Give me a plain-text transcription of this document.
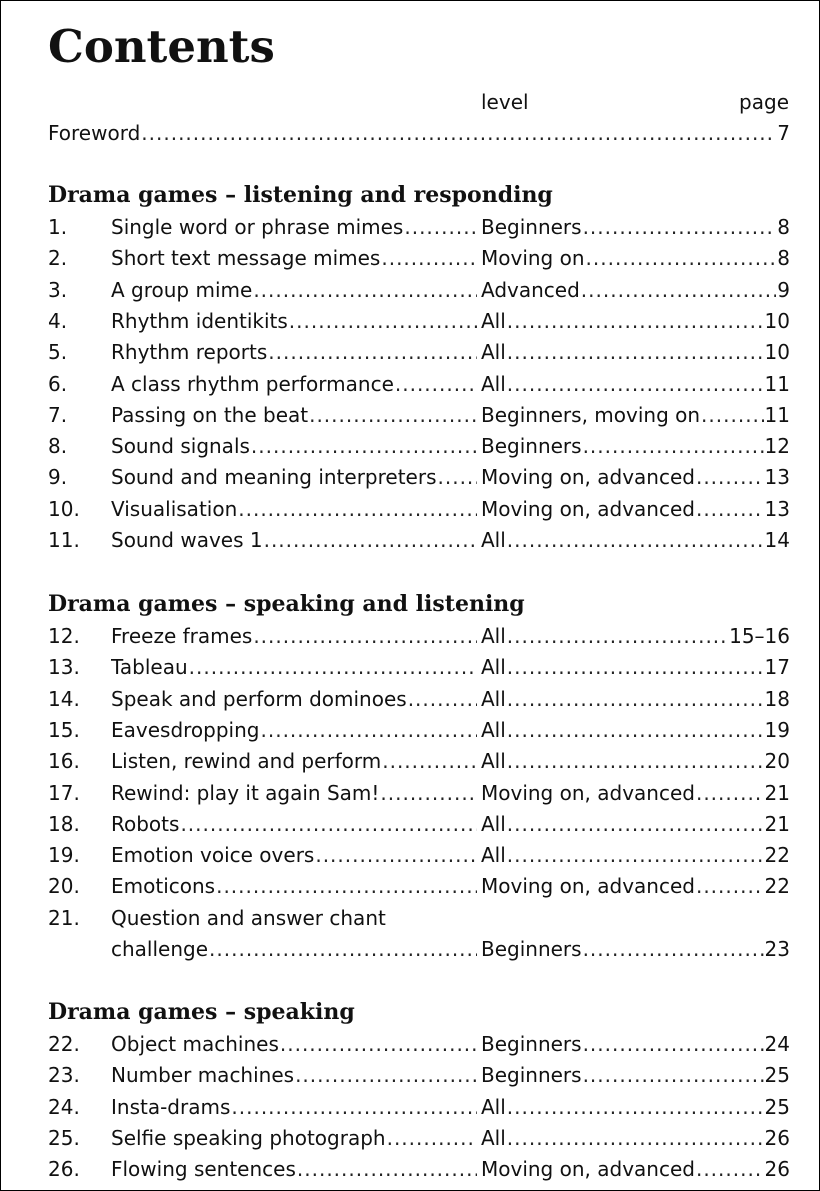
Contents
level	page
Foreword .....	7
Drama games – listening and responding
1.	Single word or phrase mimes .....	Beginners .....	8
2.	Short text message mimes .....	Moving on .....	8
3.	A group mime .....	Advanced .....	9
4.	Rhythm identikits .....	All .....	10
5.	Rhythm reports .....	All .....	10
6.	A class rhythm performance .....	All .....	11
7.	Passing on the beat .....	Beginners, moving on .....	11
8.	Sound signals .....	Beginners .....	12
9.	Sound and meaning interpreters ..... Moving on, advanced .....	13
10.	Visualisation .....	Moving on, advanced .....	13
11.	Sound waves 1 .....	All .....	14
Drama games – speaking and listening
12.	Freeze frames .....	All .....	15–16
13.	Tableau .....	All .....	17
14.	Speak and perform dominoes .....	All .....	18
15.	Eavesdropping .....	All .....	19
16.	Listen, rewind and perform .....	All .....	20
17.	Rewind: play it again Sam! .....	Moving on, advanced .....	21
18.	Robots .....	All .....	21
19.	Emotion voice overs .....	All .....	22
20.	Emoticons .....	Moving on, advanced .....	22
21.	Question and answer chant
challenge .....	Beginners .....	23
Drama games – speaking
22.	Object machines .....	Beginners .....	24
23.	Number machines .....	Beginners .....	25
24.	Insta-drams .....	All .....	25
25.	Selfie speaking photograph .....	All .....	26
26.	Flowing sentences .....	Moving on, advanced .....	26
